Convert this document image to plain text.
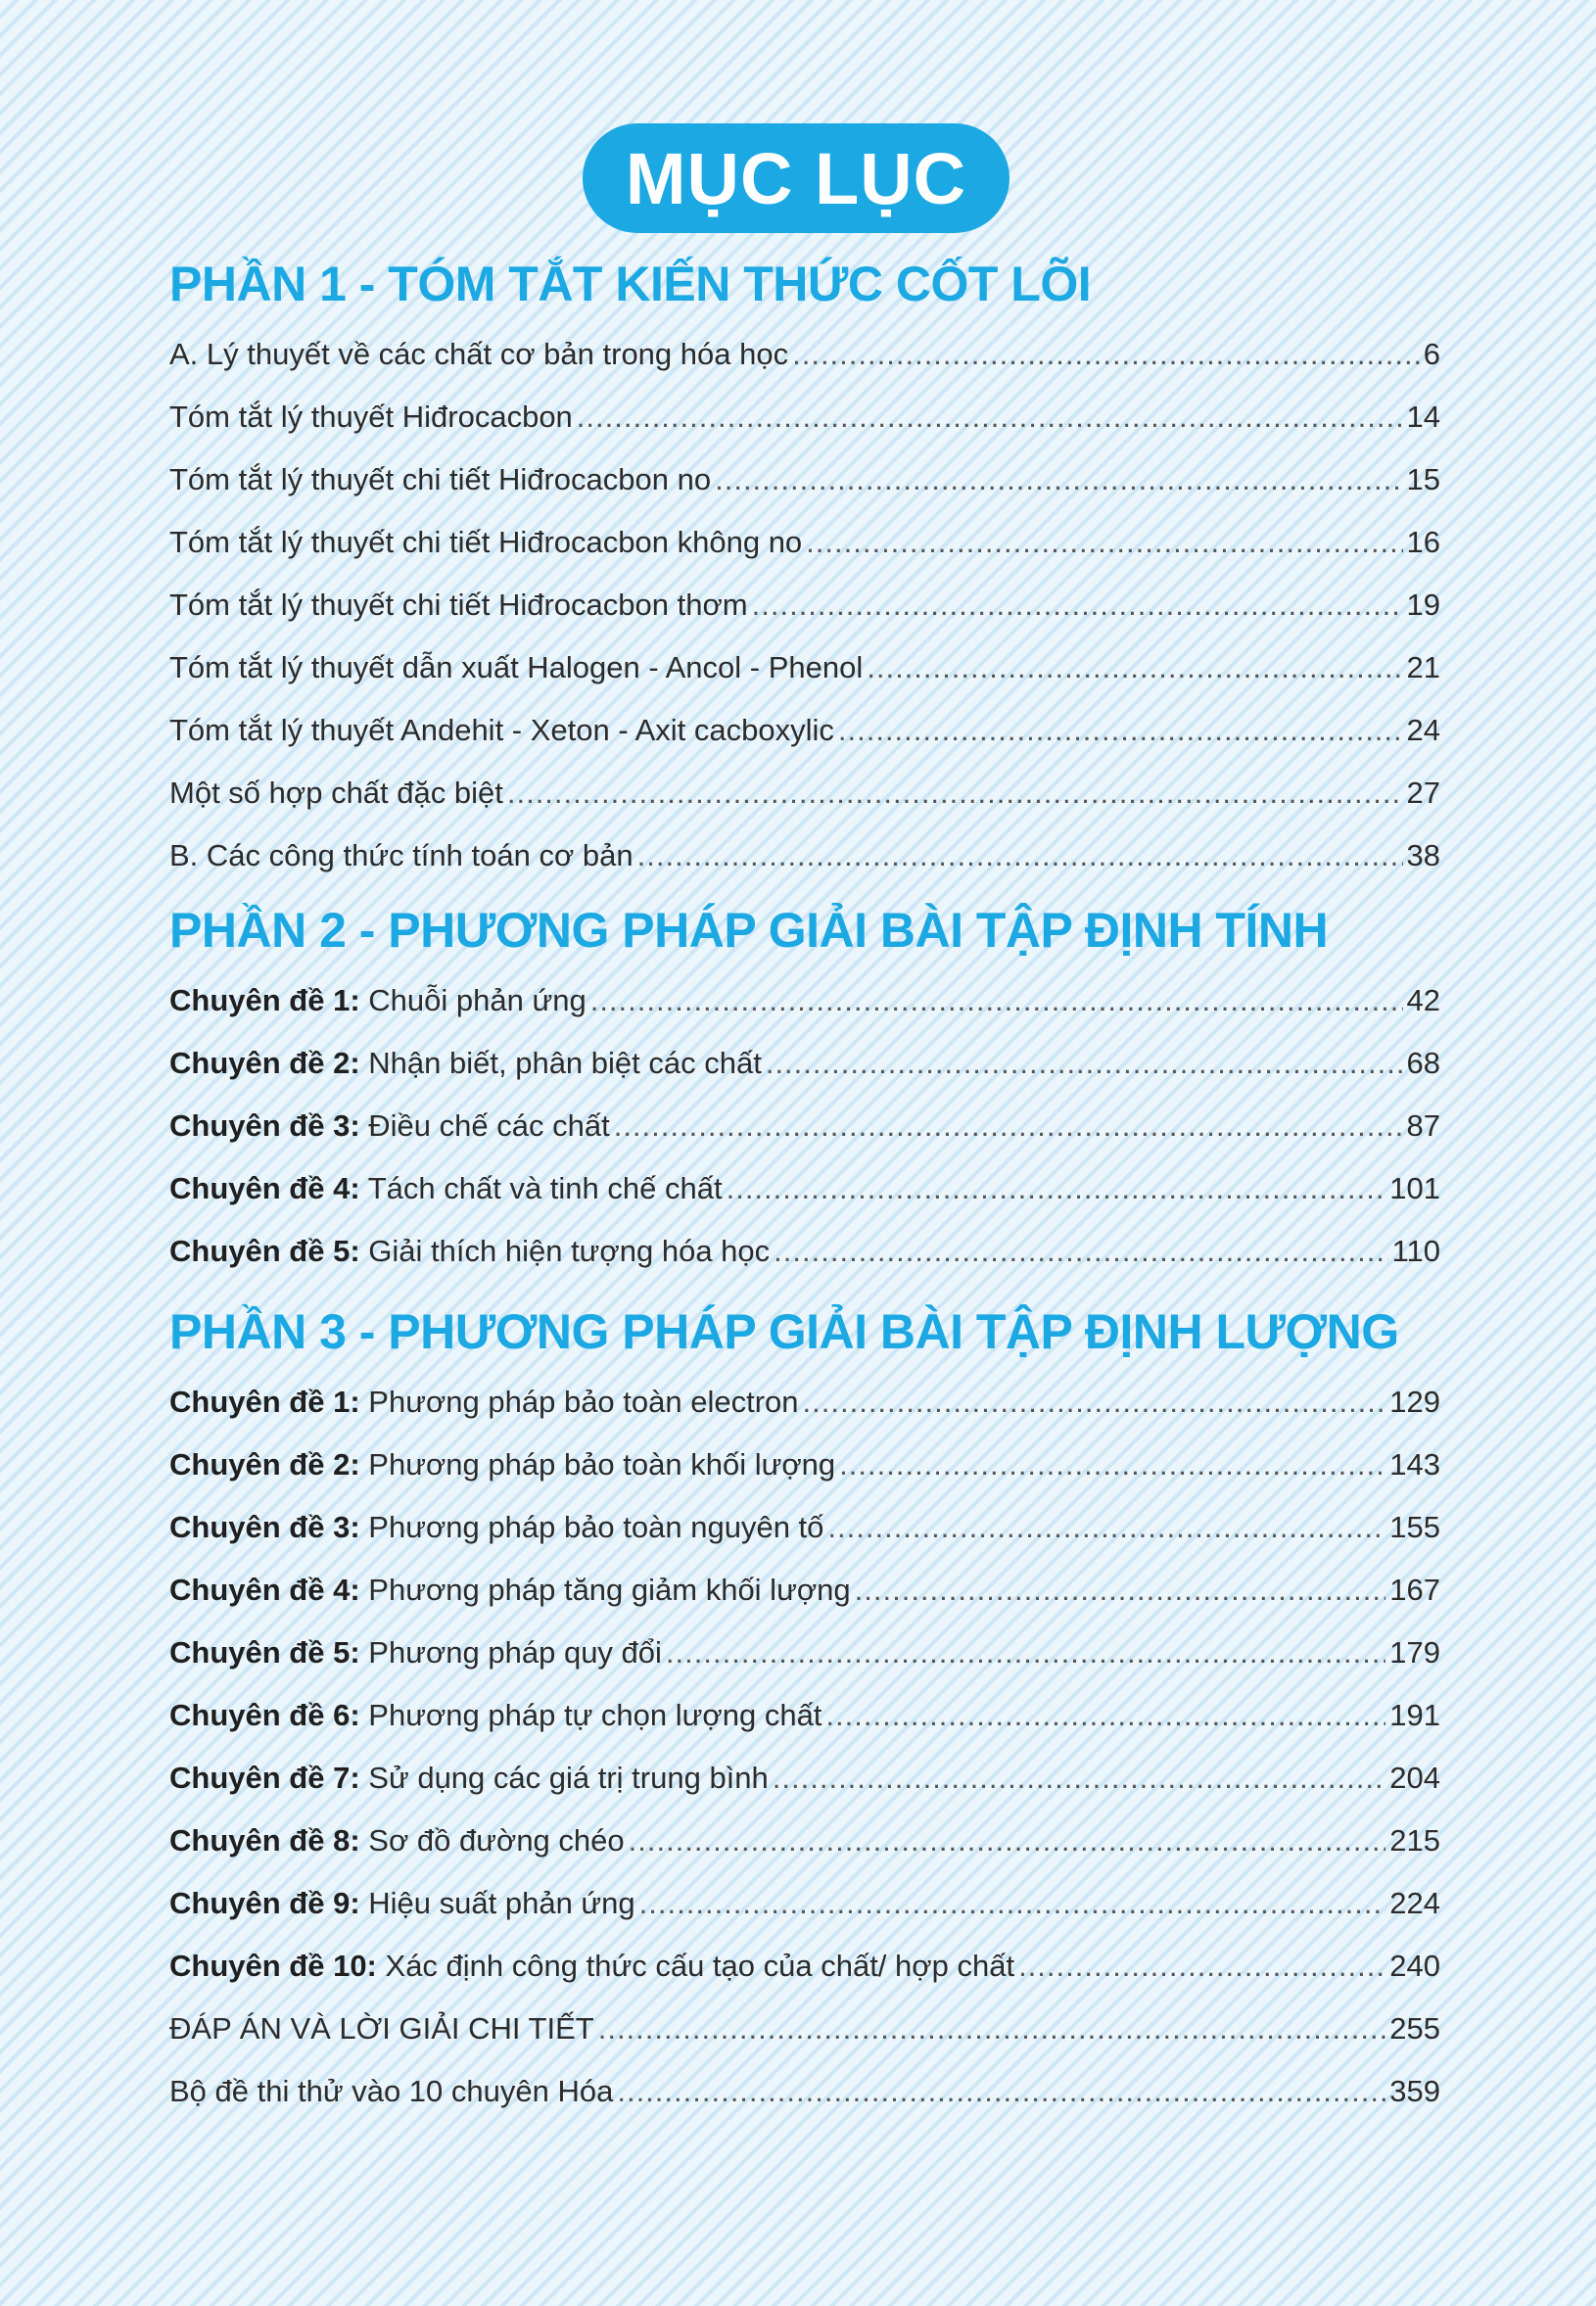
MỤC LỤC
PHẦN 1 - TÓM TẮT KIẾN THỨC CỐT LÕI
A. Lý thuyết về các chất cơ bản trong hóa học .....	6
Tóm tắt lý thuyết Hiđrocacbon .....	14
Tóm tắt lý thuyết chi tiết Hiđrocacbon no .....	15
Tóm tắt lý thuyết chi tiết Hiđrocacbon không no .....	16
Tóm tắt lý thuyết chi tiết Hiđrocacbon thơm .....	19
Tóm tắt lý thuyết dẫn xuất Halogen - Ancol - Phenol .....	21
Tóm tắt lý thuyết Andehit - Xeton - Axit cacboxylic .....	24
Một số hợp chất đặc biệt .....	27
B. Các công thức tính toán cơ bản .....	38
PHẦN 2 - PHƯƠNG PHÁP GIẢI BÀI TẬP ĐỊNH TÍNH
Chuyên đề 1: Chuỗi phản ứng .....	42
Chuyên đề 2: Nhận biết, phân biệt các chất .....	68
Chuyên đề 3: Điều chế các chất .....	87
Chuyên đề 4: Tách chất và tinh chế chất .....	101
Chuyên đề 5: Giải thích hiện tượng hóa học .....	110
PHẦN 3 - PHƯƠNG PHÁP GIẢI BÀI TẬP ĐỊNH LƯỢNG
Chuyên đề 1: Phương pháp bảo toàn electron .....	129
Chuyên đề 2: Phương pháp bảo toàn khối lượng .....	143
Chuyên đề 3: Phương pháp bảo toàn nguyên tố .....	155
Chuyên đề 4: Phương pháp tăng giảm khối lượng .....	167
Chuyên đề 5: Phương pháp quy đổi .....	179
Chuyên đề 6: Phương pháp tự chọn lượng chất .....	191
Chuyên đề 7: Sử dụng các giá trị trung bình .....	204
Chuyên đề 8: Sơ đồ đường chéo .....	215
Chuyên đề 9: Hiệu suất phản ứng .....	224
Chuyên đề 10: Xác định công thức cấu tạo của chất/ hợp chất .....	240
ĐÁP ÁN VÀ LỜI GIẢI CHI TIẾT .....	255
Bộ đề thi thử vào 10 chuyên Hóa .....	359
